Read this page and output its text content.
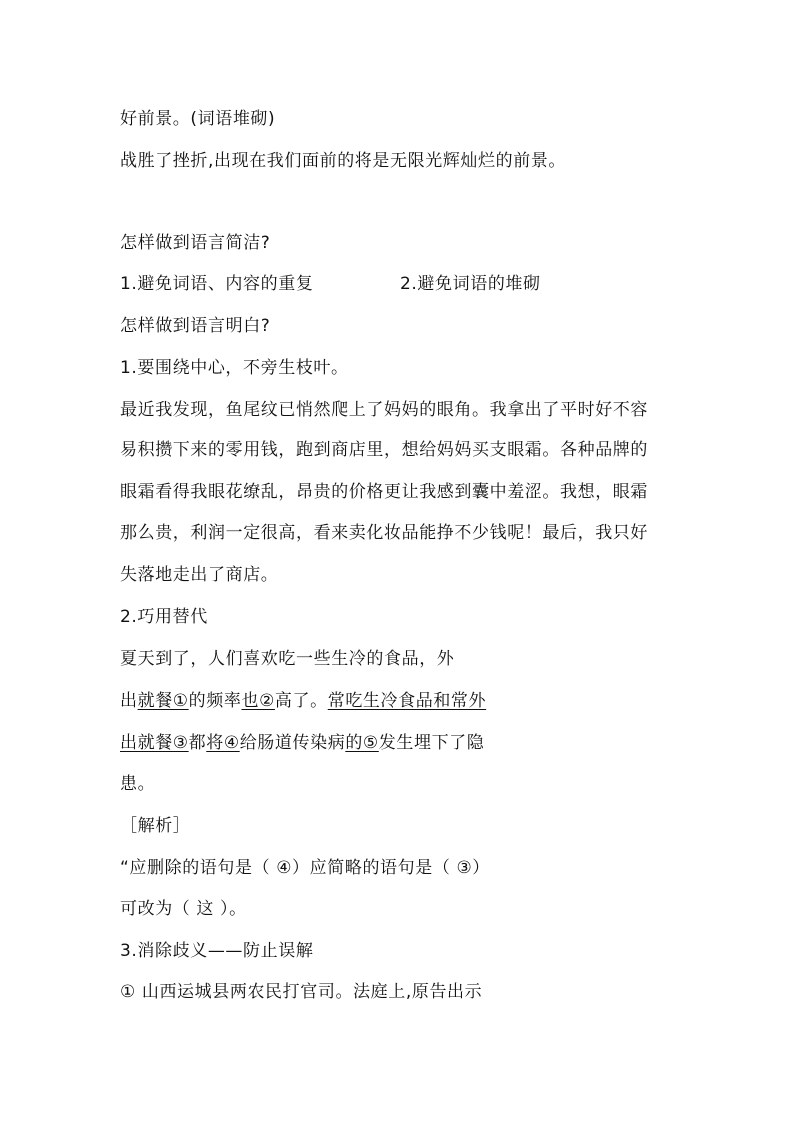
好前景。(词语堆砌)
战胜了挫折,出现在我们面前的将是无限光辉灿烂的前景。
怎样做到语言简洁?
1.避免词语、内容的重复	2.避免词语的堆砌
怎样做到语言明白?
1.要围绕中心，不旁生枝叶。
最近我发现，鱼尾纹已悄然爬上了妈妈的眼角。我拿出了平时好不容
易积攒下来的零用钱，跑到商店里，想给妈妈买支眼霜。各种品牌的
眼霜看得我眼花缭乱，昂贵的价格更让我感到囊中羞涩。我想，眼霜
那么贵，利润一定很高，看来卖化妆品能挣不少钱呢！最后，我只好
失落地走出了商店。
2.巧用替代
夏天到了，人们喜欢吃一些生冷的食品，外
出就餐①的频率也②高了。常吃生冷食品和常外
出就餐③都将④给肠道传染病的⑤发生埋下了隐
患。
［解析］
“应删除的语句是（ ④）应简略的语句是（ ③）
可改为（ 这 ）。
3.消除歧义——防止误解
① 山西运城县两农民打官司。法庭上,原告出示
